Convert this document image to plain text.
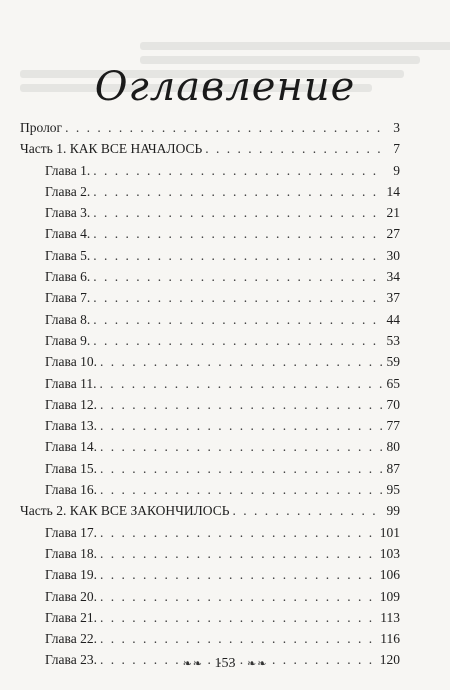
Оглавление
Пролог . . .	3
Часть 1. КАК ВСЕ НАЧАЛОСЬ . . .	7
Глава 1. . . .	9
Глава 2. . . .	14
Глава 3. . . .	21
Глава 4. . . .	27
Глава 5. . . .	30
Глава 6. . . .	34
Глава 7. . . .	37
Глава 8. . . .	44
Глава 9. . . .	53
Глава 10. . . .	59
Глава 11. . . .	65
Глава 12. . . .	70
Глава 13. . . .	77
Глава 14. . . .	80
Глава 15. . . .	87
Глава 16. . . .	95
Часть 2. КАК ВСЕ ЗАКОНЧИЛОСЬ . . .	99
Глава 17. . . .	101
Глава 18. . . .	103
Глава 19. . . .	106
Глава 20. . . .	109
Глава 21. . . .	113
Глава 22. . . .	116
Глава 23. . . .	120
❧❧ 153 ❧❧
